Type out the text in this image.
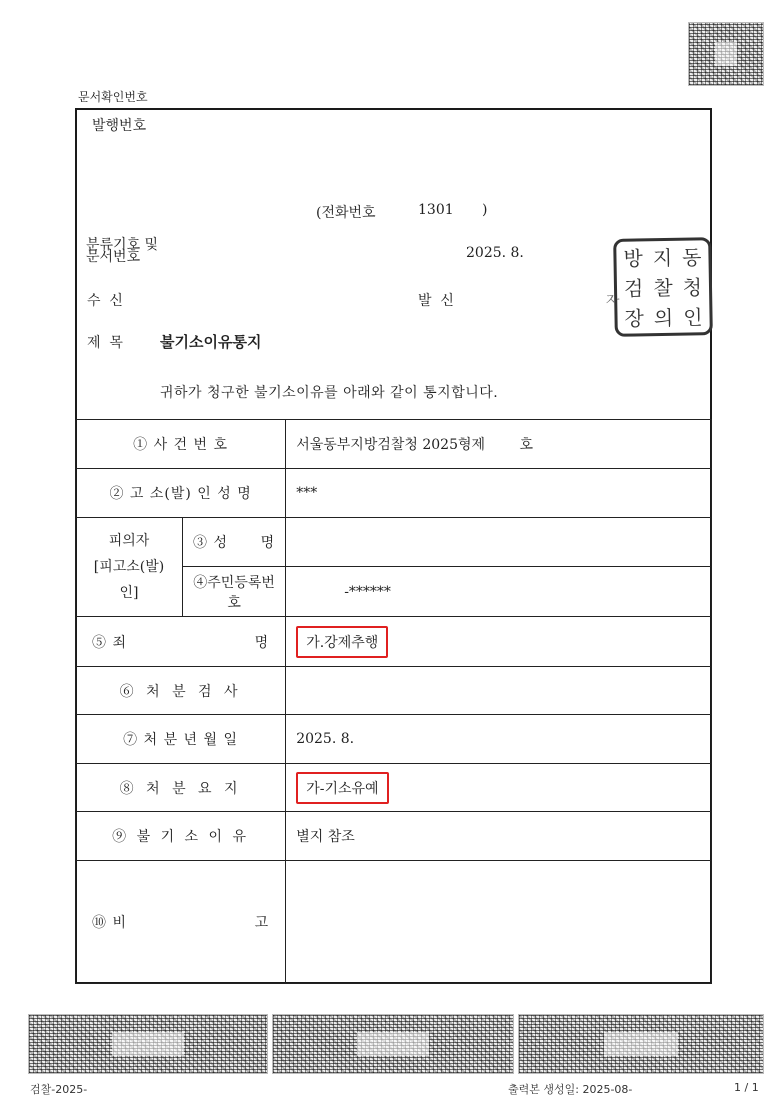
문서확인번호
발행번호
(전화번호	1301 )
분류기호 및
문서번호	2025. 8.
수  신	발  신	자
제  목 불기소이유통지
귀하가 청구한 불기소이유를 아래와 같이 통지합니다.
방 지 동
검 찰 청
장 의 인
① 사 건 번 호		서울동부지방검찰청 2025형제 호
② 고 소(발) 인 성 명		***

피의자
[피고소(발)인]	③ 성      명	
	④주민등록번호	-******

⑤ 죄 명		가.강제추행
⑥ 처 분 검 사		
⑦ 처 분 년 월 일		2025. 8.
⑧ 처 분 요 지		가-기소유예
⑨ 불 기 소 이 유		별지 참조

⑩ 비 고		

검찰-2025-	출력본 생성일: 2025-08-	1 / 1
